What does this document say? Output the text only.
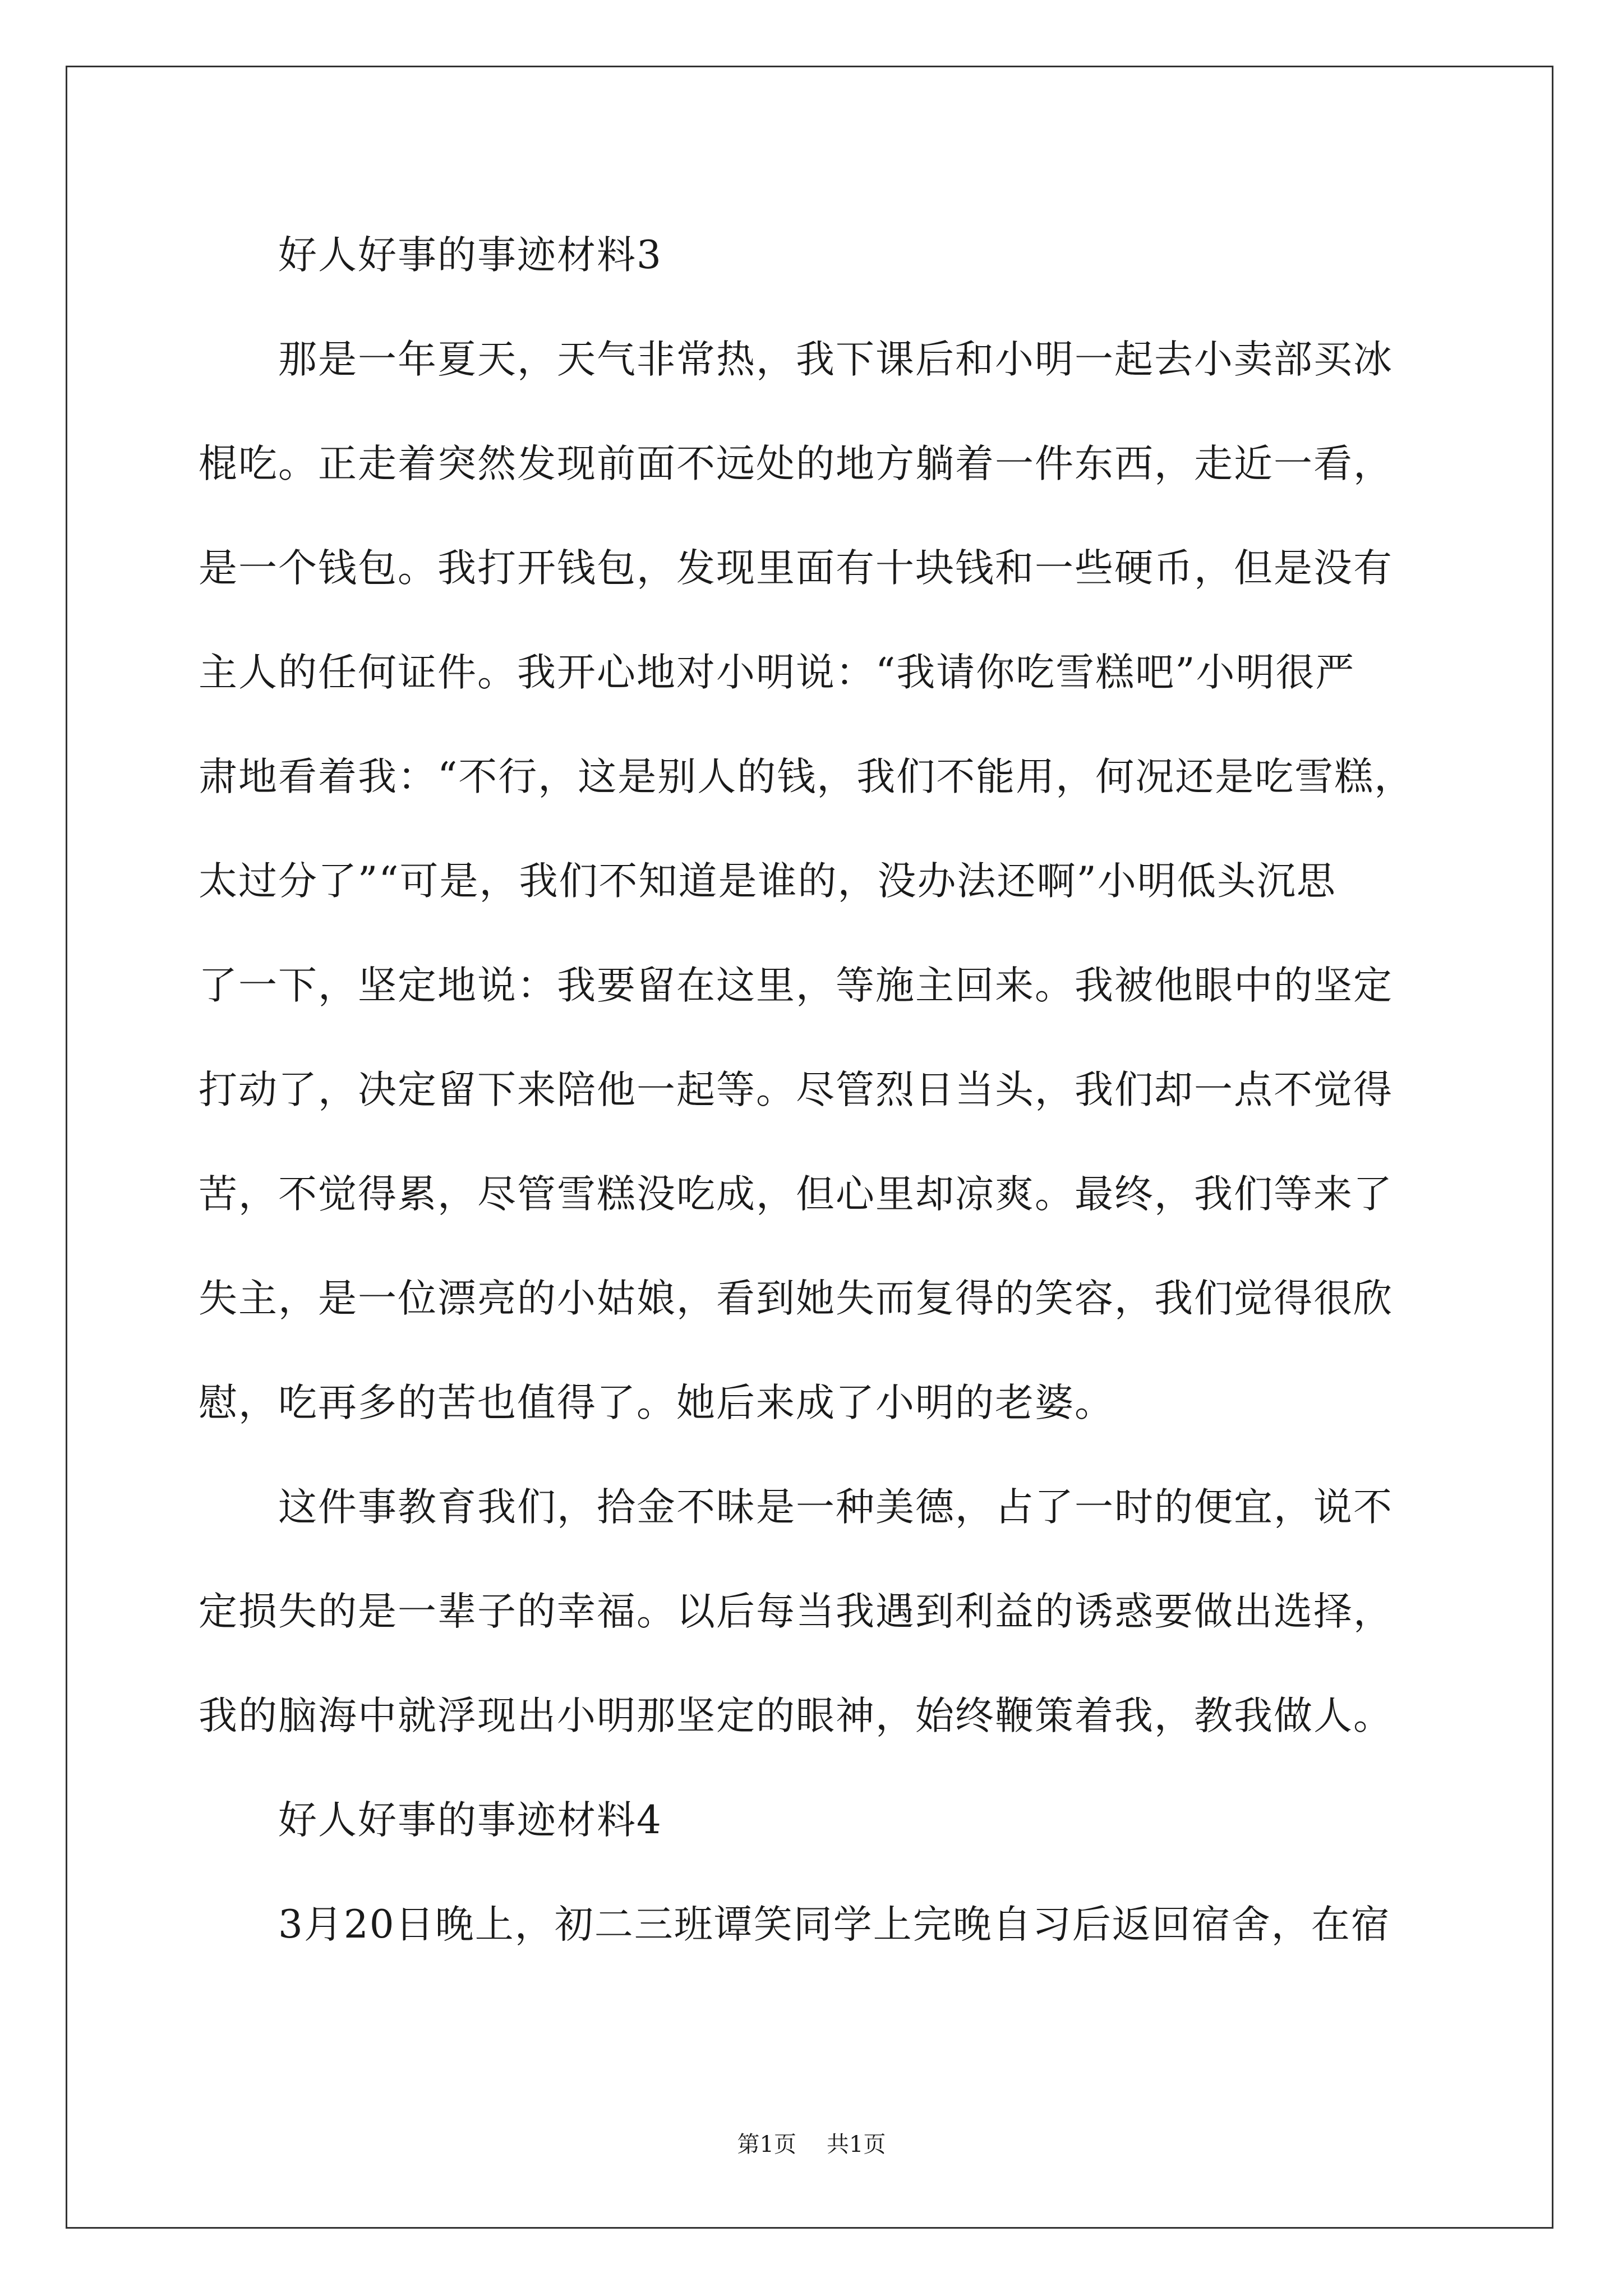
好人好事的事迹材料3
那是一年夏天，天气非常热，我下课后和小明一起去小卖部买冰
棍吃。正走着突然发现前面不远处的地方躺着一件东西，走近一看，
是一个钱包。我打开钱包，发现里面有十块钱和一些硬币，但是没有
主人的任何证件。我开心地对小明说：“我请你吃雪糕吧”小明很严
肃地看着我：“不行，这是别人的钱，我们不能用，何况还是吃雪糕，
太过分了”“可是，我们不知道是谁的，没办法还啊”小明低头沉思
了一下，坚定地说：我要留在这里，等施主回来。我被他眼中的坚定
打动了，决定留下来陪他一起等。尽管烈日当头，我们却一点不觉得
苦，不觉得累，尽管雪糕没吃成，但心里却凉爽。最终，我们等来了
失主，是一位漂亮的小姑娘，看到她失而复得的笑容，我们觉得很欣
慰，吃再多的苦也值得了。她后来成了小明的老婆。
这件事教育我们，拾金不昧是一种美德，占了一时的便宜，说不
定损失的是一辈子的幸福。以后每当我遇到利益的诱惑要做出选择，
我的脑海中就浮现出小明那坚定的眼神，始终鞭策着我，教我做人。
好人好事的事迹材料4
3月20日晚上，初二三班谭笑同学上完晚自习后返回宿舍，在宿
第1页 共1页
